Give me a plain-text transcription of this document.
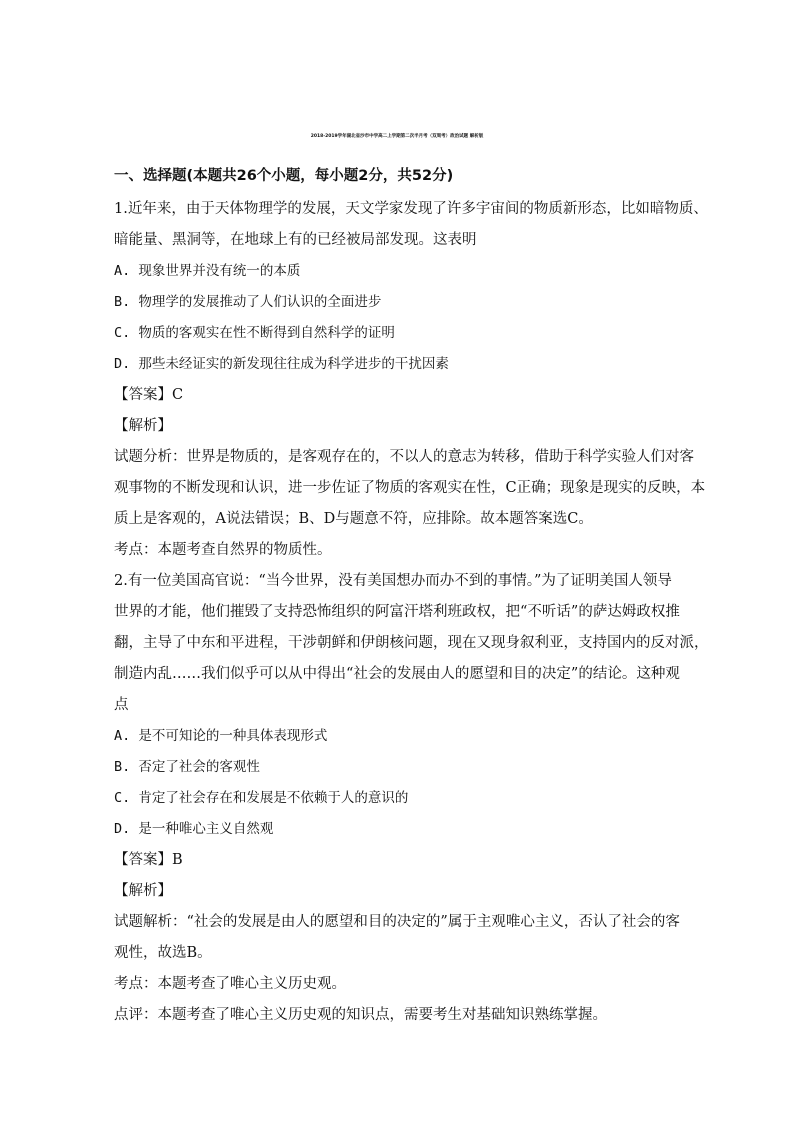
2018-2019学年湖北省沙市中学高二上学期第二次半月考（双周考）政治试题 解析版
一、选择题(本题共26个小题，每小题2分，共52分)
1.近年来，由于天体物理学的发展，天文学家发现了许多宇宙间的物质新形态，比如暗物质、
暗能量、黑洞等，在地球上有的已经被局部发现。这表明
A. 现象世界并没有统一的本质
B. 物理学的发展推动了人们认识的全面进步
C. 物质的客观实在性不断得到自然科学的证明
D. 那些未经证实的新发现往往成为科学进步的干扰因素
【答案】C
【解析】
试题分析：世界是物质的，是客观存在的，不以人的意志为转移，借助于科学实验人们对客
观事物的不断发现和认识，进一步佐证了物质的客观实在性，C正确；现象是现实的反映，本
质上是客观的，A说法错误；B、D与题意不符，应排除。故本题答案选C。
考点：本题考查自然界的物质性。
2.有一位美国高官说：“当今世界，没有美国想办而办不到的事情。”为了证明美国人领导
世界的才能，他们摧毁了支持恐怖组织的阿富汗塔利班政权，把“不听话”的萨达姆政权推
翻，主导了中东和平进程，干涉朝鲜和伊朗核问题，现在又现身叙利亚，支持国内的反对派，
制造内乱……我们似乎可以从中得出“社会的发展由人的愿望和目的决定”的结论。这种观
点
A. 是不可知论的一种具体表现形式
B. 否定了社会的客观性
C. 肯定了社会存在和发展是不依赖于人的意识的
D. 是一种唯心主义自然观
【答案】B
【解析】
试题解析：“社会的发展是由人的愿望和目的决定的”属于主观唯心主义，否认了社会的客
观性，故选B。
考点：本题考查了唯心主义历史观。
点评：本题考查了唯心主义历史观的知识点，需要考生对基础知识熟练掌握。
